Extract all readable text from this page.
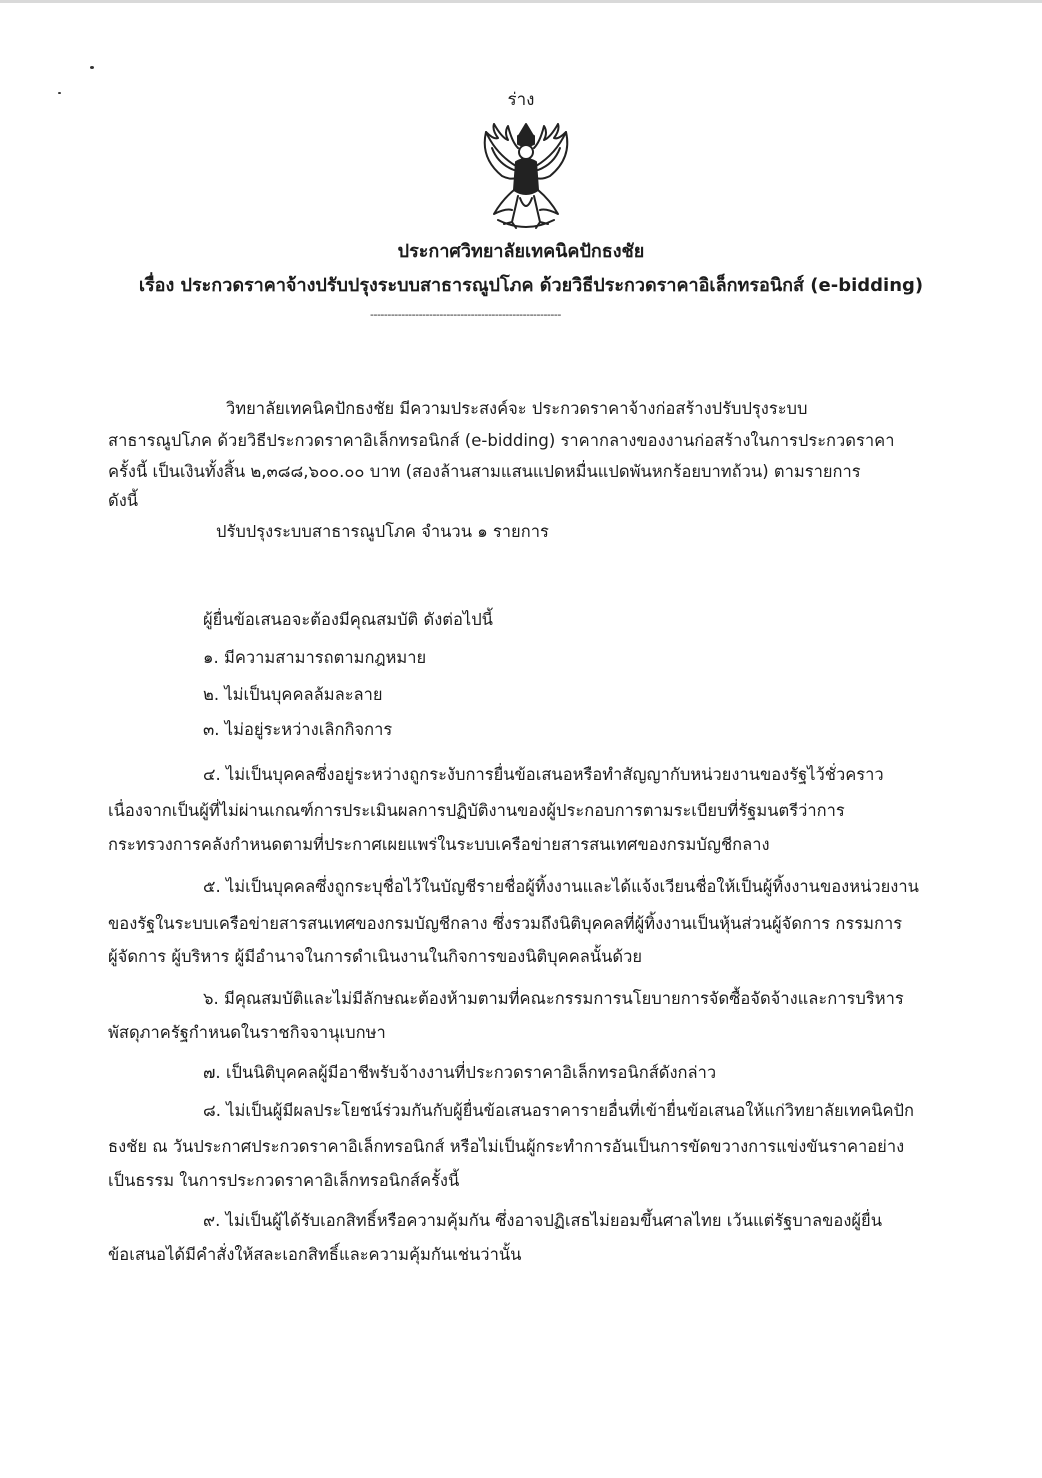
ร่าง
ประกาศวิทยาลัยเทคนิคปักธงชัย
เรื่อง ประกวดราคาจ้างปรับปรุงระบบสาธารณูปโภค ด้วยวิธีประกวดราคาอิเล็กทรอนิกส์ (e-bidding)
-------------------------------------------------------
วิทยาลัยเทคนิคปักธงชัย มีความประสงค์จะ ประกวดราคาจ้างก่อสร้างปรับปรุงระบบ
สาธารณูปโภค ด้วยวิธีประกวดราคาอิเล็กทรอนิกส์ (e-bidding) ราคากลางของงานก่อสร้างในการประกวดราคา
ครั้งนี้ เป็นเงินทั้งสิ้น ๒,๓๘๘,๖๐๐.๐๐ บาท (สองล้านสามแสนแปดหมื่นแปดพันหกร้อยบาทถ้วน) ตามรายการ
ดังนี้
ปรับปรุงระบบสาธารณูปโภค จำนวน ๑ รายการ
ผู้ยื่นข้อเสนอจะต้องมีคุณสมบัติ ดังต่อไปนี้
๑. มีความสามารถตามกฎหมาย
๒. ไม่เป็นบุคคลล้มละลาย
๓. ไม่อยู่ระหว่างเลิกกิจการ
๔. ไม่เป็นบุคคลซึ่งอยู่ระหว่างถูกระงับการยื่นข้อเสนอหรือทำสัญญากับหน่วยงานของรัฐไว้ชั่วคราว
เนื่องจากเป็นผู้ที่ไม่ผ่านเกณฑ์การประเมินผลการปฏิบัติงานของผู้ประกอบการตามระเบียบที่รัฐมนตรีว่าการ
กระทรวงการคลังกำหนดตามที่ประกาศเผยแพร่ในระบบเครือข่ายสารสนเทศของกรมบัญชีกลาง
๕. ไม่เป็นบุคคลซึ่งถูกระบุชื่อไว้ในบัญชีรายชื่อผู้ทิ้งงานและได้แจ้งเวียนชื่อให้เป็นผู้ทิ้งงานของหน่วยงาน
ของรัฐในระบบเครือข่ายสารสนเทศของกรมบัญชีกลาง ซึ่งรวมถึงนิติบุคคลที่ผู้ทิ้งงานเป็นหุ้นส่วนผู้จัดการ กรรมการ
ผู้จัดการ ผู้บริหาร ผู้มีอำนาจในการดำเนินงานในกิจการของนิติบุคคลนั้นด้วย
๖. มีคุณสมบัติและไม่มีลักษณะต้องห้ามตามที่คณะกรรมการนโยบายการจัดซื้อจัดจ้างและการบริหาร
พัสดุภาครัฐกำหนดในราชกิจจานุเบกษา
๗. เป็นนิติบุคคลผู้มีอาชีพรับจ้างงานที่ประกวดราคาอิเล็กทรอนิกส์ดังกล่าว
๘. ไม่เป็นผู้มีผลประโยชน์ร่วมกันกับผู้ยื่นข้อเสนอราคารายอื่นที่เข้ายื่นข้อเสนอให้แก่วิทยาลัยเทคนิคปัก
ธงชัย ณ วันประกาศประกวดราคาอิเล็กทรอนิกส์ หรือไม่เป็นผู้กระทำการอันเป็นการขัดขวางการแข่งขันราคาอย่าง
เป็นธรรม ในการประกวดราคาอิเล็กทรอนิกส์ครั้งนี้
๙. ไม่เป็นผู้ได้รับเอกสิทธิ์หรือความคุ้มกัน ซึ่งอาจปฏิเสธไม่ยอมขึ้นศาลไทย เว้นแต่รัฐบาลของผู้ยื่น
ข้อเสนอได้มีคำสั่งให้สละเอกสิทธิ์และความคุ้มกันเช่นว่านั้น
